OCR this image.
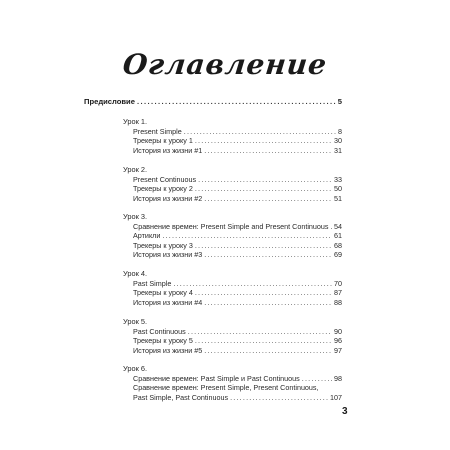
Оглавление
Предисловие .....	5
Урок 1.
Present Simple .....	8
Трекеры к уроку 1 .....	30
История из жизни #1 .....	31
Урок 2.
Present Continuous .....	33
Трекеры к уроку 2 .....	50
История из жизни #2 .....	51
Урок 3.
Сравнение времен: Present Simple and Present Continuous ..... 54
Артикли .....	61
Трекеры к уроку 3 .....	68
История из жизни #3 .....	69
Урок 4.
Past Simple .....	70
Трекеры к уроку 4 .....	87
История из жизни #4 .....	88
Урок 5.
Past Continuous .....	90
Трекеры к уроку 5 .....	96
История из жизни #5 .....	97
Урок 6.
Сравнение времен: Past Simple и Past Continuous .....	98
Сравнение времен: Present Simple, Present Continuous,
Past Simple, Past Continuous .....	107
3
